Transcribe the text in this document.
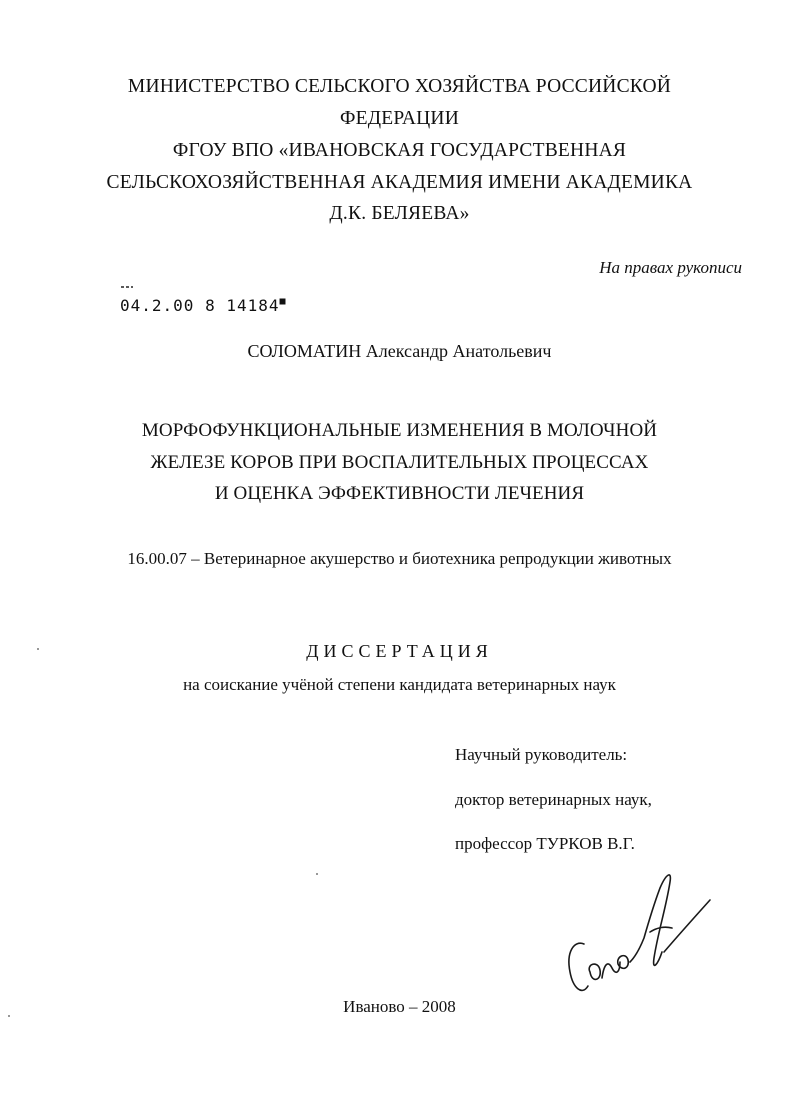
МИНИСТЕРСТВО СЕЛЬСКОГО ХОЗЯЙСТВА РОССИЙСКОЙ
ФЕДЕРАЦИИ
ФГОУ ВПО «ИВАНОВСКАЯ ГОСУДАРСТВЕННАЯ
СЕЛЬСКОХОЗЯЙСТВЕННАЯ АКАДЕМИЯ ИМЕНИ АКАДЕМИКА
Д.К. БЕЛЯЕВА»
На правах рукописи
04.2.00 8 14184■
СОЛОМАТИН Александр Анатольевич
МОРФОФУНКЦИОНАЛЬНЫЕ ИЗМЕНЕНИЯ В МОЛОЧНОЙ
ЖЕЛЕЗЕ КОРОВ ПРИ ВОСПАЛИТЕЛЬНЫХ ПРОЦЕССАХ
И ОЦЕНКА ЭФФЕКТИВНОСТИ ЛЕЧЕНИЯ
16.00.07 – Ветеринарное акушерство и биотехника репродукции животных
ДИССЕРТАЦИЯ
на соискание учёной степени кандидата ветеринарных наук
Научный руководитель:
доктор ветеринарных наук,
профессор ТУРКОВ В.Г.
Иваново – 2008
